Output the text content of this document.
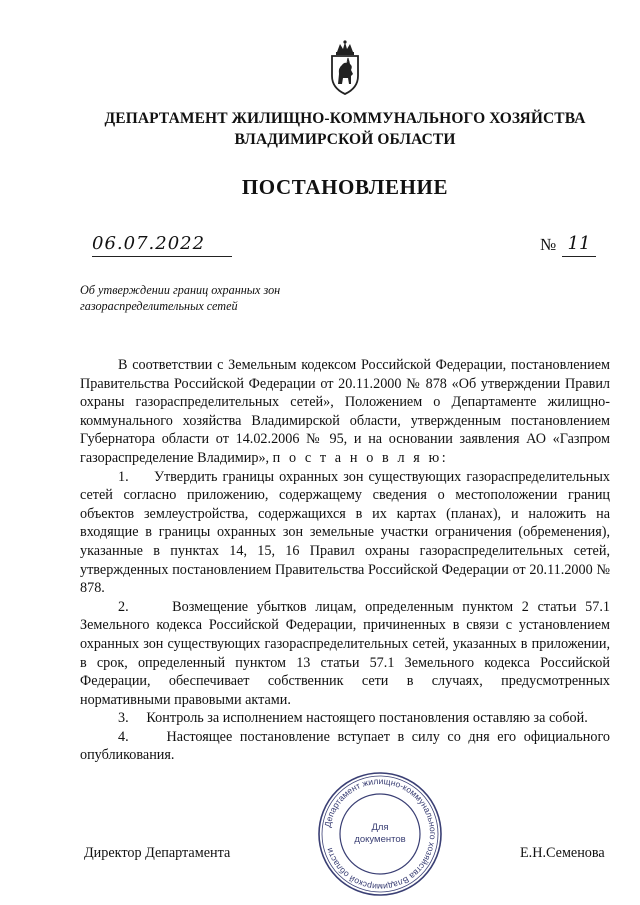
ДЕПАРТАМЕНТ ЖИЛИЩНО-КОММУНАЛЬНОГО ХОЗЯЙСТВА
ВЛАДИМИРСКОЙ ОБЛАСТИ
ПОСТАНОВЛЕНИЕ
06.07.2022	№ 11
Об утверждении границ охранных зон
газораспределительных сетей

В соответствии с Земельным кодексом Российской Федерации, постановлением Правительства Российской Федерации от 20.11.2000 № 878 «Об утверждении Правил охраны газораспределительных сетей», Положением о Департаменте жилищно-коммунального хозяйства Владимирской области, утвержденным постановлением Губернатора области от 14.02.2006 № 95, и на основании заявления АО «Газпром газораспределение Владимир», п о с т а н о в л я ю:

1. Утвердить границы охранных зон существующих газораспределительных сетей согласно приложению, содержащему сведения о местоположении границ объектов землеустройства, содержащихся в их картах (планах), и наложить на входящие в границы охранных зон земельные участки ограничения (обременения), указанные в пунктах 14, 15, 16 Правил охраны газораспределительных сетей, утвержденных постановлением Правительства Российской Федерации от 20.11.2000 № 878.

2.	Возмещение убытков лицам, определенным пунктом 2 статьи 57.1 Земельного кодекса Российской Федерации, причиненных в связи с установлением охранных зон существующих газораспределительных сетей, указанных в приложении, в срок, определенный пунктом 13 статьи 57.1 Земельного кодекса Российской Федерации, обеспечивает собственник сети в случаях, предусмотренных нормативными правовыми актами.

3. Контроль за исполнением настоящего постановления оставляю за собой.

4.	Настоящее постановление вступает в силу со дня его официального опубликования.

Департамент жилищно-коммунального хозяйства Владимирской области
Для
документов
Директор Департамента	Е.Н.Семенова
